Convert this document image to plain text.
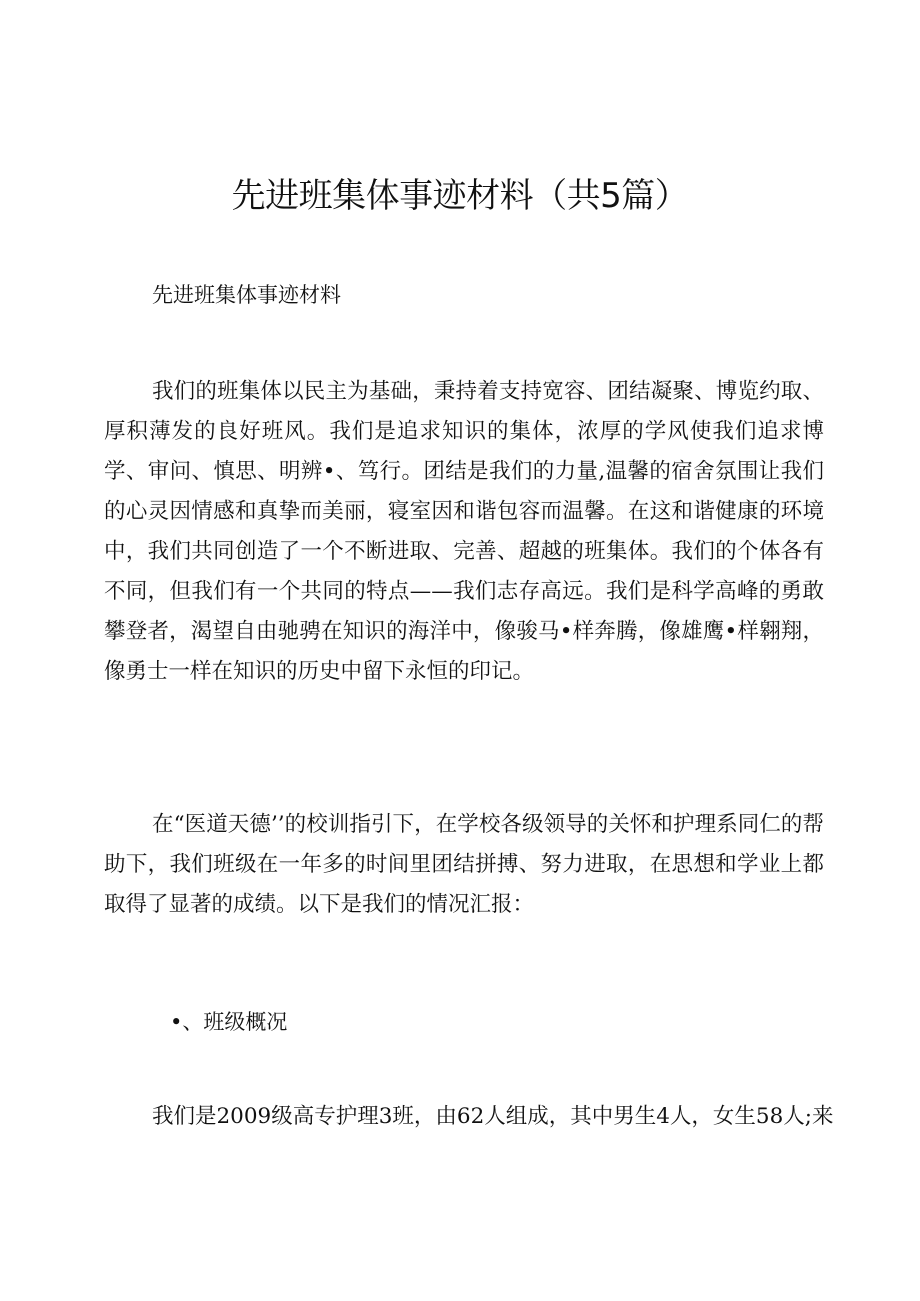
先进班集体事迹材料（共5篇）
先进班集体事迹材料

我们的班集体以民主为基础，秉持着支持宽容、团结凝聚、博览约取、厚积薄发的良好班风。我们是追求知识的集体，浓厚的学风使我们追求博学、审问、慎思、明辨•、笃行。团结是我们的力量,温馨的宿舍氛围让我们的心灵因情感和真挚而美丽，寝室因和谐包容而温馨。在这和谐健康的环境中，我们共同创造了一个不断进取、完善、超越的班集体。我们的个体各有不同，但我们有一个共同的特点——我们志存高远。我们是科学高峰的勇敢攀登者，渴望自由驰骋在知识的海洋中，像骏马•样奔腾，像雄鹰•样翱翔，像勇士一样在知识的历史中留下永恒的印记。

在“医道天德’’的校训指引下，在学校各级领导的关怀和护理系同仁的帮助下，我们班级在一年多的时间里团结拼搏、努力进取，在思想和学业上都取得了显著的成绩。以下是我们的情况汇报：

•、班级概况
我们是2009级高专护理3班，由62人组成，其中男生4人，女生58人;来
